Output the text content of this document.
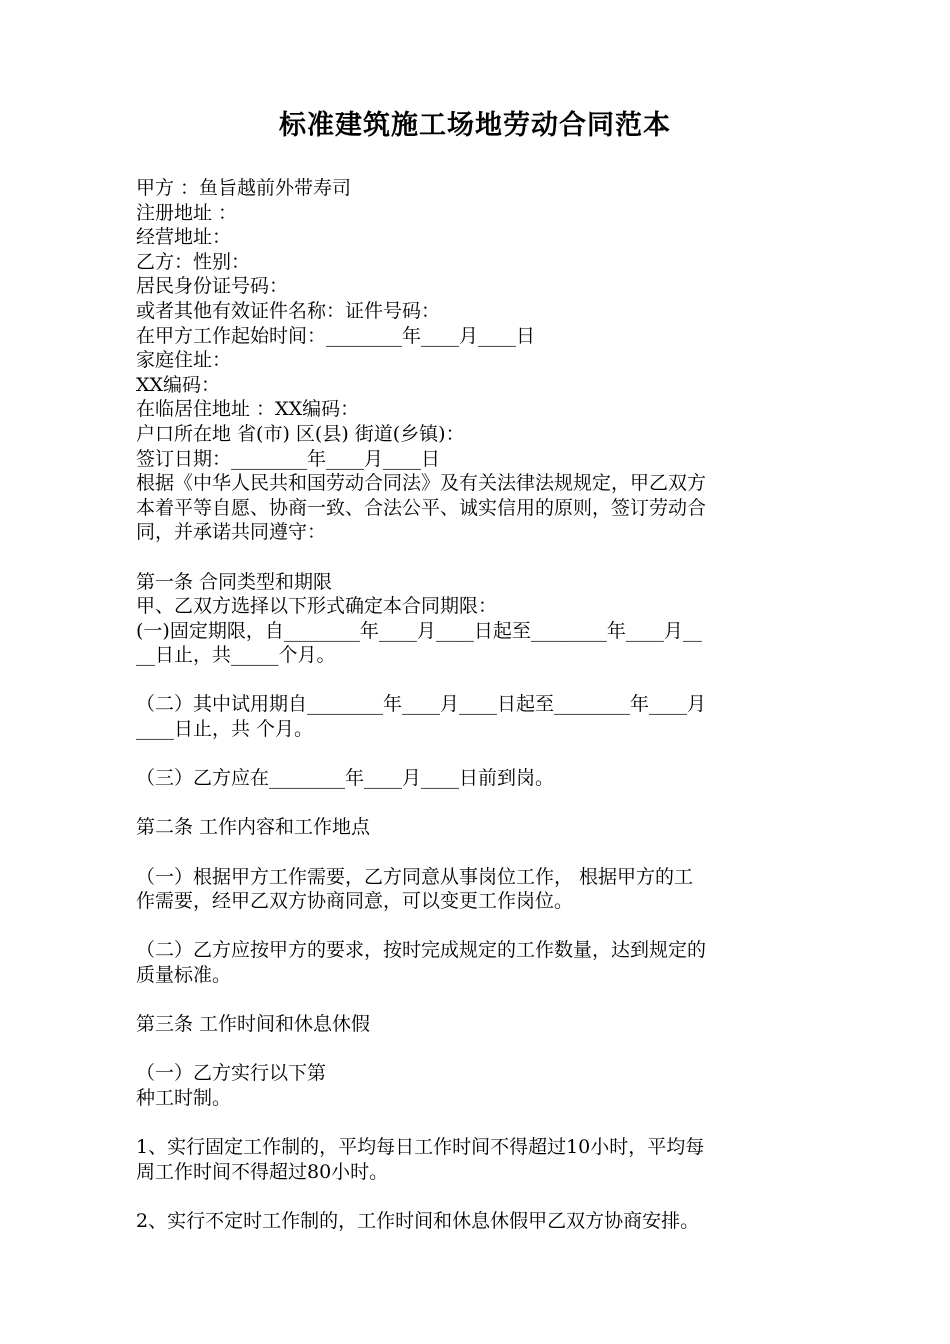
标准建筑施工场地劳动合同范本
甲方 ：鱼旨越前外带寿司
注册地址 ：
经营地址：
乙方：性别：
居民身份证号码：
或者其他有效证件名称：证件号码：
在甲方工作起始时间：________年____月____日
家庭住址：
XX编码：
在临居住地址 ：XX编码：
户口所在地 省(市) 区(县) 街道(乡镇)：
签订日期：________年____月____日
根据《中华人民共和国劳动合同法》及有关法律法规规定，甲乙双方
本着平等自愿、协商一致、合法公平、诚实信用的原则，签订劳动合
同，并承诺共同遵守：
第一条 合同类型和期限
甲、乙双方选择以下形式确定本合同期限：
(一)固定期限，自________年____月____日起至________年____月__
__日止，共_____个月。
（二）其中试用期自________年____月____日起至________年____月
____日止，共 个月。
（三）乙方应在________年____月____日前到岗。
第二条 工作内容和工作地点
（一）根据甲方工作需要，乙方同意从事岗位工作， 根据甲方的工
作需要，经甲乙双方协商同意，可以变更工作岗位。
（二）乙方应按甲方的要求，按时完成规定的工作数量，达到规定的
质量标准。
第三条 工作时间和休息休假
（一）乙方实行以下第
种工时制。
1、实行固定工作制的，平均每日工作时间不得超过10小时，平均每
周工作时间不得超过80小时。
2、实行不定时工作制的，工作时间和休息休假甲乙双方协商安排。
